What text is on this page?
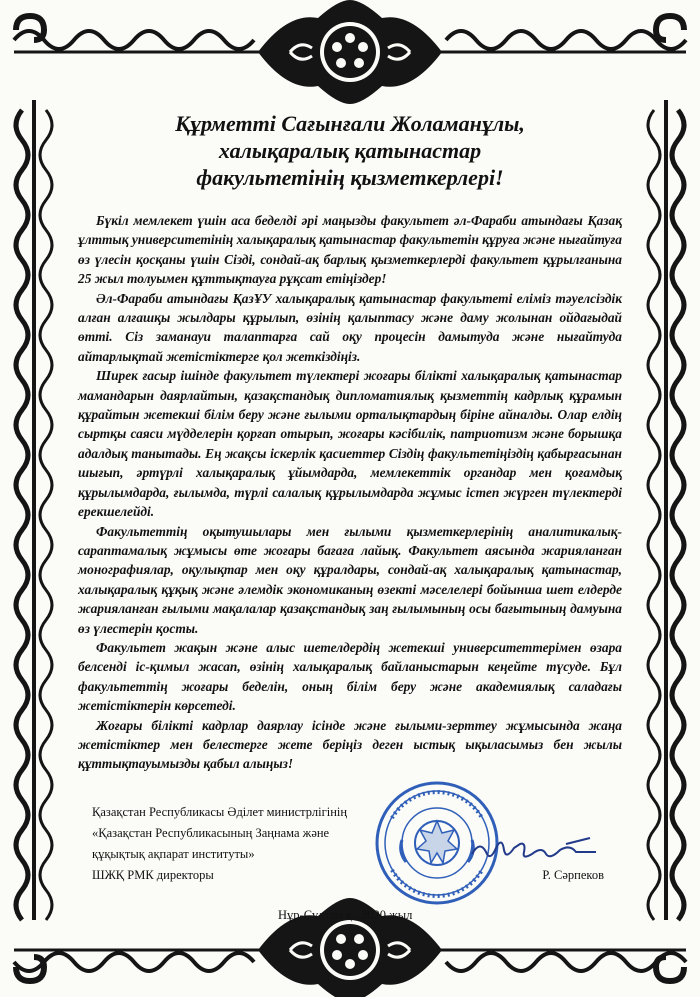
Құрметті Сағынғали Жоламанұлы,
халықаралық қатынастар
факультетінің қызметкерлері!

Бүкіл мемлекет үшін аса беделді әрі маңызды факультет әл-Фараби атындағы Қазақ ұлттық университетінің халықаралық қатынастар факультетін құруға және нығайтуға өз үлесін қосқаны үшін Сізді, сондай-ақ барлық қызметкерлерді факультет құрылғанына 25 жыл толуымен құттықтауға рұқсат етіңіздер!

Әл-Фараби атындағы ҚазҰУ халықаралық қатынастар факультеті еліміз тәуелсіздік алған алғашқы жылдары құрылып, өзінің қалыптасу және даму жолынан ойдағыдай өтті. Сіз заманауи талаптарға сай оқу процесін дамытуда және нығайтуда айтарлықтай жетістіктерге қол жеткіздіңіз.

Ширек ғасыр ішінде факультет түлектері жоғары білікті халықаралық қатынастар мамандарын даярлайтын, қазақстандық дипломатиялық қызметтің кадрлық құрамын құрайтын жетекші білім беру және ғылыми орталықтардың біріне айналды. Олар елдің сыртқы саяси мүдделерін қорғап отырып, жоғары кәсібилік, патриотизм және борышқа адалдық танытады. Ең жақсы іскерлік қасиеттер Сіздің факультетіңіздің қабырғасынан шығып, әртүрлі халықаралық ұйымдарда, мемлекеттік органдар мен қоғамдық құрылымдарда, ғылымда, түрлі салалық құрылымдарда жұмыс істеп жүрген түлектерді ерекшелейді.

Факультеттің оқытушылары мен ғылыми қызметкерлерінің аналитикалық-сараптамалық жұмысы өте жоғары бағаға лайық. Факультет аясында жарияланған монографиялар, оқулықтар мен оқу құралдары, сондай-ақ халықаралық қатынастар, халықаралық құқық және әлемдік экономиканың өзекті мәселелері бойынша шет елдерде жарияланған ғылыми мақалалар қазақстандық заң ғылымының осы бағытының дамуына өз үлестерін қосты.

Факультет жақын және алыс шетелдердің жетекші университеттерімен өзара белсенді іс-қимыл жасап, өзінің халықаралық байланыстарын кеңейте түсуде. Бұл факультеттің жоғары беделін, оның білім беру және академиялық саладағы жетістіктерін көрсетеді.

Жоғары білікті кадрлар даярлау ісінде және ғылыми-зерттеу жұмысында жаңа жетістіктер мен белестерге жете беріңіз деген ыстық ықыласымыз бен жылы құттықтауымызды қабыл алыңыз!

Қазақстан Республикасы Әділет министрлігінің
«Қазақстан Республикасының Заңнама және
құқықтық ақпарат институты»
ШЖҚ РМК директоры	Р. Сәрпеков
Нұр-Сұлтан қ., 2020 жыл
